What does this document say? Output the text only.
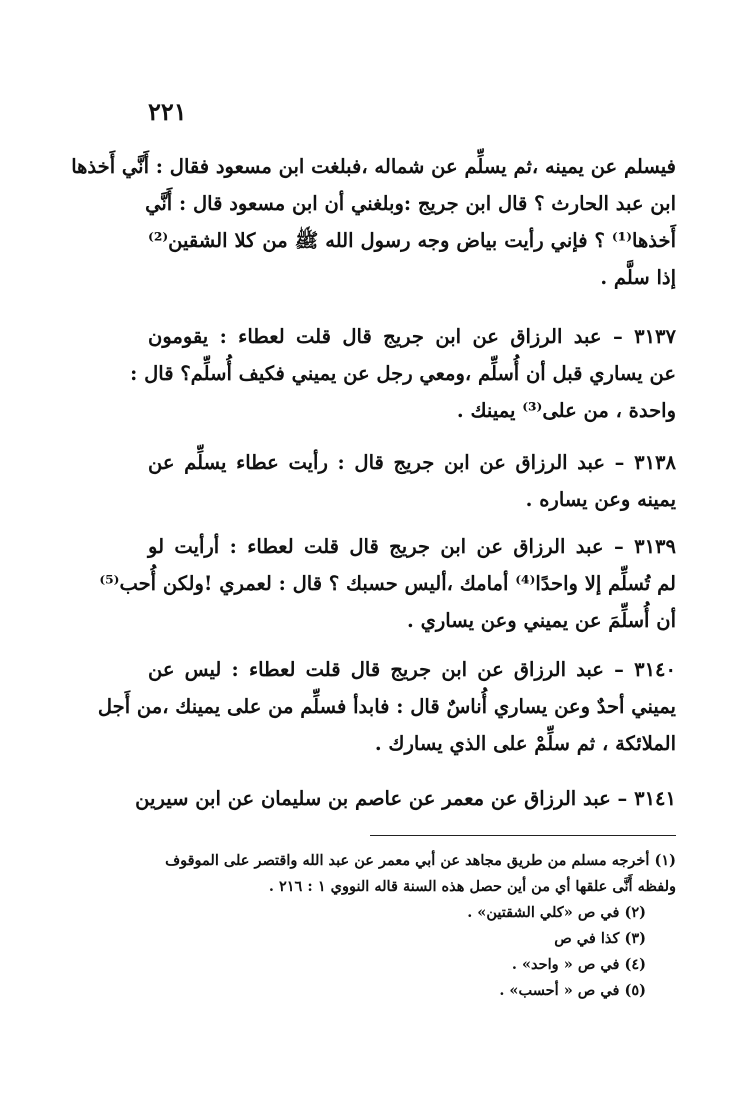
٢٢١
فيسلم عن يمينه ،ثم يسلِّم عن شماله ،فبلغت ابن مسعود فقال : أَنَّي أَخذها
ابن عبد الحارث ؟ قال ابن جريج :وبلغني أن ابن مسعود قال : أَنَّي
أَخذها⁽¹⁾ ؟ فإني رأيت بياض وجه رسول الله ﷺ من كلا الشقين⁽²⁾
إذا سلَّم .
٣١٣٧ – عبد الرزاق عن ابن جريج قال قلت لعطاء : يقومون
عن يساري قبل أن أُسلِّم ،ومعي رجل عن يميني فكيف أُسلِّم؟ قال :
واحدة ، من على⁽³⁾ يمينك .
٣١٣٨ – عبد الرزاق عن ابن جريج قال : رأيت عطاء يسلِّم عن
يمينه وعن يساره .
٣١٣٩ – عبد الرزاق عن ابن جريج قال قلت لعطاء : أرأيت لو
لم تُسلِّم إلا واحدًا⁽⁴⁾ أمامك ،أليس حسبك ؟ قال : لعمري !ولكن أُحب⁽⁵⁾
أن أُسلِّمَ عن يميني وعن يساري .
٣١٤٠ – عبد الرزاق عن ابن جريج قال قلت لعطاء : ليس عن
يميني أحدٌ وعن يساري أُناسٌ قال : فابدأ فسلِّم من على يمينك ،من أَجل
الملائكة ، ثم سلِّمْ على الذي يسارك .
٣١٤١ – عبد الرزاق عن معمر عن عاصم بن سليمان عن ابن سيرين
(١) أخرجه مسلم من طريق مجاهد عن أبي معمر عن عبد الله واقتصر على الموقوف
ولفظه أَنَّى علقها أي من أين حصل هذه السنة قاله النووي ١ : ٢١٦ .
(٢) في ص «كلي الشقتين» .
(٣) كذا في ص
(٤) في ص « واحد» .
(٥) في ص « أحسب» .
